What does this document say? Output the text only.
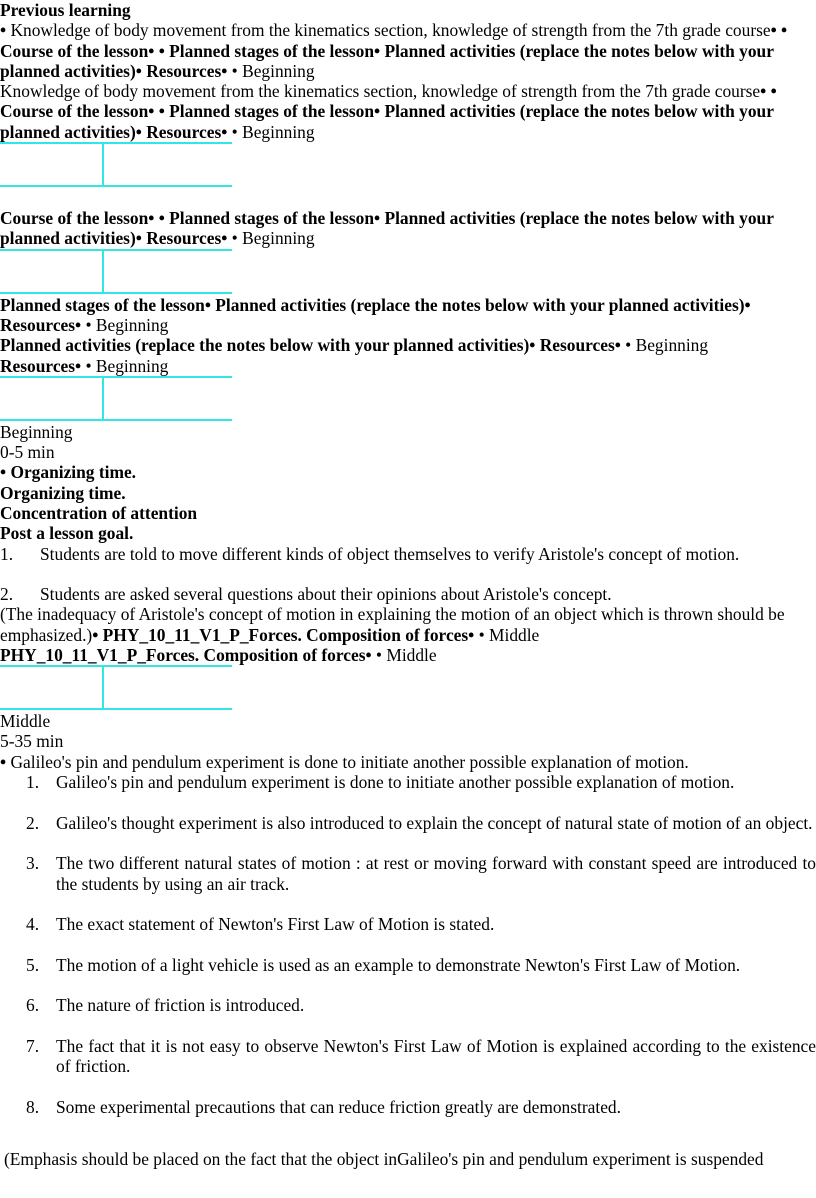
Previous learning

• Knowledge of body movement from the kinematics section, knowledge of strength from the 7th grade course• • Course of the lesson• • Planned stages of the lesson• Planned activities (replace the notes below with your planned activities)• Resources• • Beginning

Knowledge of body movement from the kinematics section, knowledge of strength from the 7th grade course• • Course of the lesson• • Planned stages of the lesson• Planned activities (replace the notes below with your planned activities)• Resources• • Beginning

Course of the lesson• • Planned stages of the lesson• Planned activities (replace the notes below with your planned activities)• Resources• • Beginning

Planned stages of the lesson• Planned activities (replace the notes below with your planned activities)• Resources• • Beginning

Planned activities (replace the notes below with your planned activities)• Resources• • Beginning

Resources• • Beginning

Beginning

0-5 min

• Organizing time.

Organizing time.

Concentration of attention

Post a lesson goal.

1. Students are told to move different kinds of object themselves to verify Aristole's concept of motion.
2. Students are asked several questions about their opinions about Aristole's concept.

(The inadequacy of Aristole's concept of motion in explaining the motion of an object which is thrown should be emphasized.)• PHY_10_11_V1_P_Forces. Composition of forces• • Middle

PHY_10_11_V1_P_Forces. Composition of forces• • Middle

Middle

5-35 min

• Galileo's pin and pendulum experiment is done to initiate another possible explanation of motion.

1. Galileo's pin and pendulum experiment is done to initiate another possible explanation of motion.
2. Galileo's thought experiment is also introduced to explain the concept of natural state of motion of an object.
3. The two different natural states of motion : at rest or moving forward with constant speed are introduced to the students by using an air track.
4. The exact statement of Newton's First Law of Motion is stated.
5. The motion of a light vehicle is used as an example to demonstrate Newton's First Law of Motion.
6. The nature of friction is introduced.
7. The fact that it is not easy to observe Newton's First Law of Motion is explained according to the existence of friction.
8. Some experimental precautions that can reduce friction greatly are demonstrated.

(Emphasis should be placed on the fact that the object inGalileo's pin and pendulum experiment is suspended
